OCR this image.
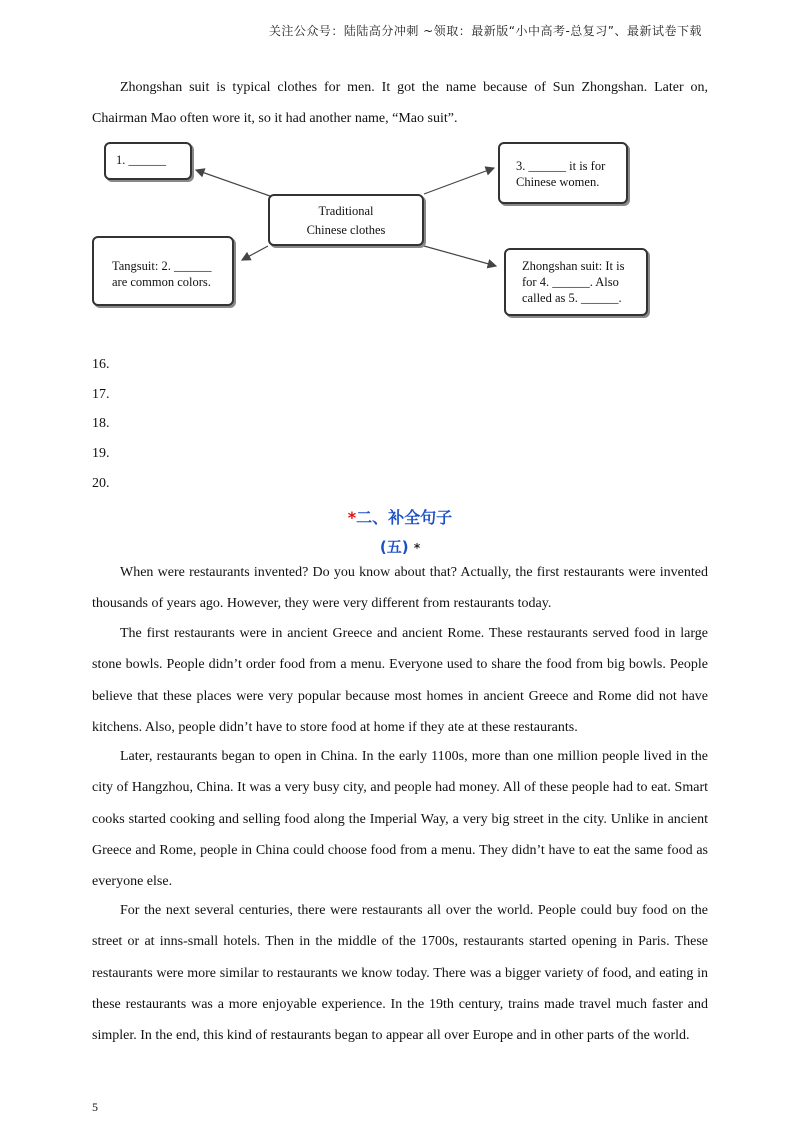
关注公众号：陆陆高分冲刺 ~领取：最新版“小中高考-总复习”、最新试卷下载

Zhongshan suit is typical clothes for men. It got the name because of Sun Zhongshan. Later on, Chairman Mao often wore it, so it had another name, “Mao suit”.

1. ______
Traditional
Chinese clothes
Tangsuit: 2. ______
are common colors.
3. ______ it is for
Chinese women.
Zhongshan suit: It is
for 4. ______. Also
called as 5. ______.
16.
17.
18.
19.
20.
*二、补全句子
(五) *

When were restaurants invented? Do you know about that? Actually, the first restaurants were invented thousands of years ago. However, they were very different from restaurants today.

The first restaurants were in ancient Greece and ancient Rome. These restaurants served food in large stone bowls. People didn’t order food from a menu. Everyone used to share the food from big bowls. People believe that these places were very popular because most homes in ancient Greece and Rome did not have kitchens. Also, people didn’t have to store food at home if they ate at these restaurants.

Later, restaurants began to open in China. In the early 1100s, more than one million people lived in the city of Hangzhou, China. It was a very busy city, and people had money. All of these people had to eat. Smart cooks started cooking and selling food along the Imperial Way, a very big street in the city. Unlike in ancient Greece and Rome, people in China could choose food from a menu. They didn’t have to eat the same food as everyone else.

For the next several centuries, there were restaurants all over the world. People could buy food on the street or at inns-small hotels. Then in the middle of the 1700s, restaurants started opening in Paris. These restaurants were more similar to restaurants we know today. There was a bigger variety of food, and eating in these restaurants was a more enjoyable experience. In the 19th century, trains made travel much faster and simpler. In the end, this kind of restaurants began to appear all over Europe and in other parts of the world.

5
